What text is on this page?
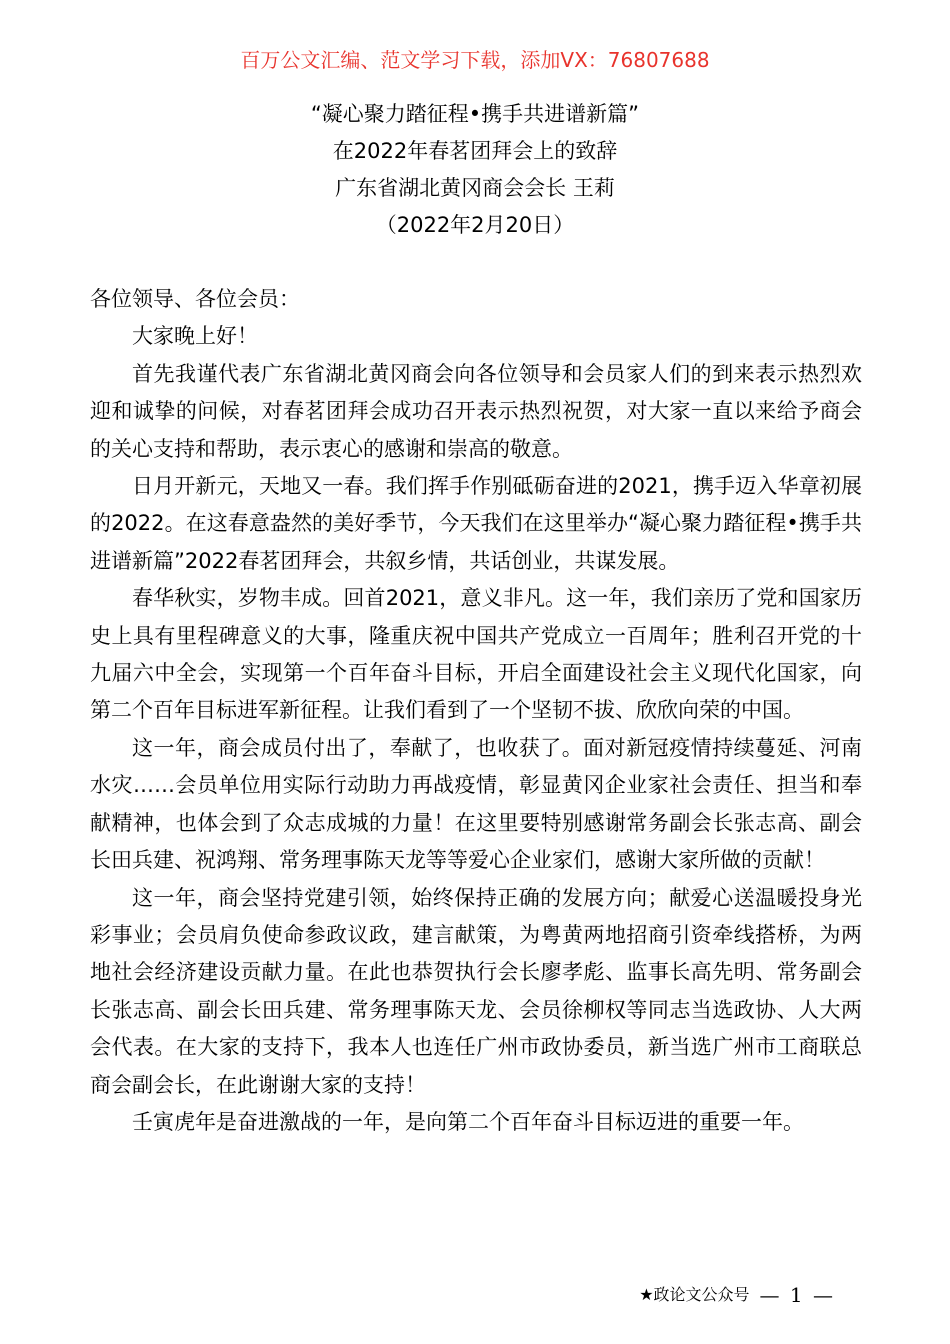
百万公文汇编、范文学习下载，添加VX：76807688
“凝心聚力踏征程•携手共进谱新篇”
在2022年春茗团拜会上的致辞
广东省湖北黄冈商会会长 王莉
（2022年2月20日）

各位领导、各位会员：

大家晚上好！

首先我谨代表广东省湖北黄冈商会向各位领导和会员家人们的到来表示热烈欢迎和诚挚的问候，对春茗团拜会成功召开表示热烈祝贺，对大家一直以来给予商会的关心支持和帮助，表示衷心的感谢和崇高的敬意。

日月开新元，天地又一春。我们挥手作别砥砺奋进的2021，携手迈入华章初展的2022。在这春意盎然的美好季节，今天我们在这里举办“凝心聚力踏征程•携手共进谱新篇”2022春茗团拜会，共叙乡情，共话创业，共谋发展。

春华秋实，岁物丰成。回首2021，意义非凡。这一年，我们亲历了党和国家历史上具有里程碑意义的大事，隆重庆祝中国共产党成立一百周年；胜利召开党的十九届六中全会，实现第一个百年奋斗目标，开启全面建设社会主义现代化国家，向第二个百年目标进军新征程。让我们看到了一个坚韧不拔、欣欣向荣的中国。

这一年，商会成员付出了，奉献了，也收获了。面对新冠疫情持续蔓延、河南水灾……会员单位用实际行动助力再战疫情，彰显黄冈企业家社会责任、担当和奉献精神，也体会到了众志成城的力量！在这里要特别感谢常务副会长张志高、副会长田兵建、祝鸿翔、常务理事陈天龙等等爱心企业家们，感谢大家所做的贡献！

这一年，商会坚持党建引领，始终保持正确的发展方向；献爱心送温暖投身光彩事业；会员肩负使命参政议政，建言献策，为粤黄两地招商引资牵线搭桥，为两地社会经济建设贡献力量。在此也恭贺执行会长廖孝彪、监事长高先明、常务副会长张志高、副会长田兵建、常务理事陈天龙、会员徐柳权等同志当选政协、人大两会代表。在大家的支持下，我本人也连任广州市政协委员，新当选广州市工商联总商会副会长，在此谢谢大家的支持！

壬寅虎年是奋进激战的一年，是向第二个百年奋斗目标迈进的重要一年。

★政论文公众号 — 1 —
